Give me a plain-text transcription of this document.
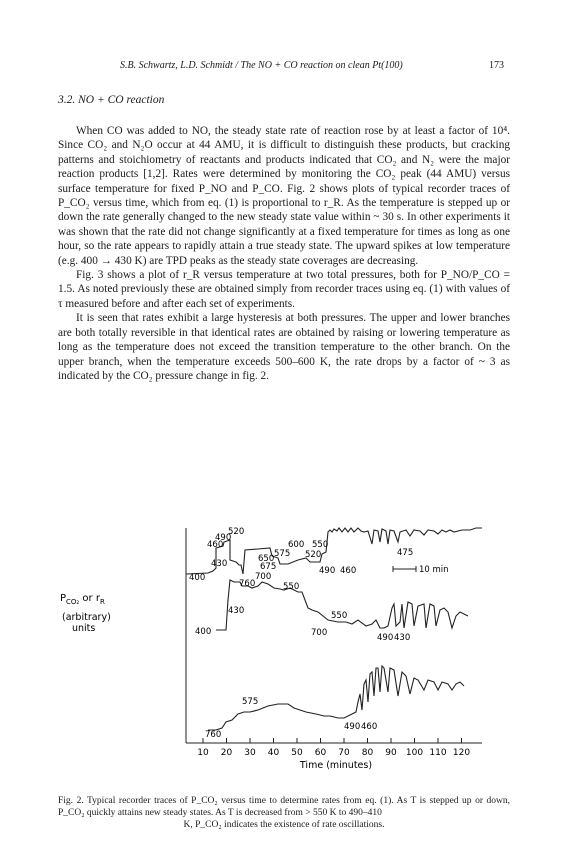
S.B. Schwartz, L.D. Schmidt / The NO + CO reaction on clean Pt(100)	173
3.2. NO + CO reaction

When CO was added to NO, the steady state rate of reaction rose by at least a factor of 10⁴. Since CO₂ and N₂O occur at 44 AMU, it is difficult to distinguish these products, but cracking patterns and stoichiometry of reactants and products indicated that CO₂ and N₂ were the major reaction products [1,2]. Rates were determined by monitoring the CO₂ peak (44 AMU) versus surface temperature for fixed P_NO and P_CO. Fig. 2 shows plots of typical recorder traces of P_CO₂ versus time, which from eq. (1) is proportional to r_R. As the temperature is stepped up or down the rate generally changed to the new steady state value within ~ 30 s. In other experiments it was shown that the rate did not change significantly at a fixed temperature for times as long as one hour, so the rate appears to rapidly attain a true steady state. The upward spikes at low temperature (e.g. 400 → 430 K) are TPD peaks as the steady state coverages are decreasing.

Fig. 3 shows a plot of r_R versus temperature at two total pressures, both for P_NO/P_CO = 1.5. As noted previously these are obtained simply from recorder traces using eq. (1) with values of τ measured before and after each set of experiments.

It is seen that rates exhibit a large hysteresis at both pressures. The upper and lower branches are both totally reversible in that identical rates are obtained by raising or lowering temperature as long as the temperature does not exceed the transition temperature to the other branch. On the upper branch, when the temperature exceeds 500–600 K, the rate drops by a factor of ~ 3 as indicated by the CO₂ pressure change in fig. 2.

$P_{CO_2}$ or $r_R$
(arbitrary)
units
10 20 30 40 50 60 70 80 90 100 110 120
Time (minutes)
10 min
520
490
460
430
400
600 550
575
650
675
520
760
700
550
490 460
475
430
400	700
550
490 430
575
760
490 460
Fig. 2. Typical recorder traces of P_CO₂ versus time to determine rates from eq. (1). As T is stepped up or down, P_CO₂ quickly attains new steady states. As T is decreased from > 550 K to 490–410
K, P_CO₂ indicates the existence of rate oscillations.
